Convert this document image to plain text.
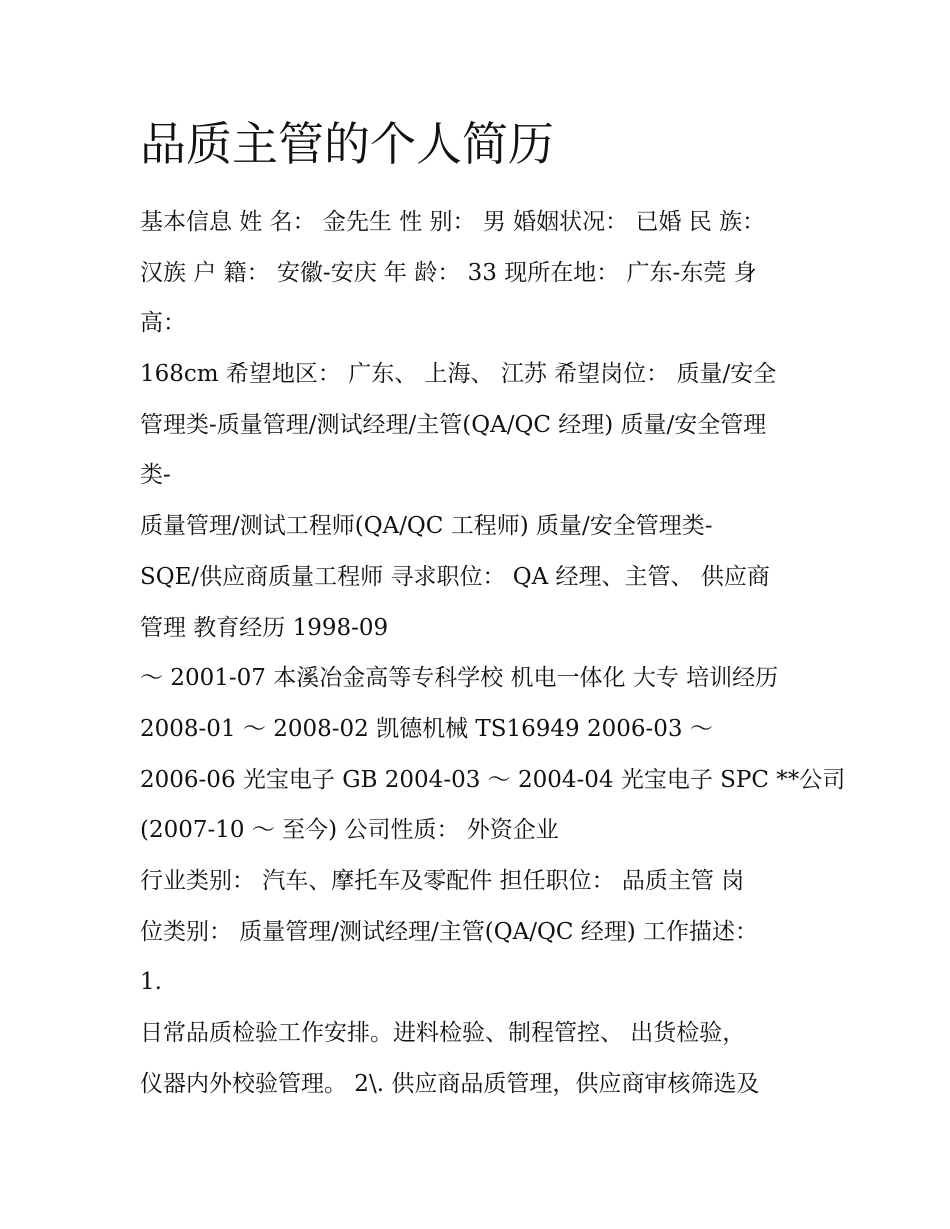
品质主管的个人简历
基本信息 姓 名： 金先生 性 别： 男 婚姻状况： 已婚 民 族：
汉族 户 籍： 安徽-安庆 年 龄： 33 现所在地： 广东-东莞 身
高：
168cm 希望地区： 广东、 上海、 江苏 希望岗位： 质量/安全
管理类-质量管理/测试经理/主管(QA/QC 经理) 质量/安全管理
类-
质量管理/测试工程师(QA/QC 工程师) 质量/安全管理类-
SQE/供应商质量工程师 寻求职位： QA 经理、主管、 供应商
管理 教育经历 1998-09
～ 2001-07 本溪冶金高等专科学校 机电一体化 大专 培训经历
2008-01 ～ 2008-02 凯德机械 TS16949 2006-03 ～
2006-06 光宝电子 GB 2004-03 ～ 2004-04 光宝电子 SPC **公司
(2007-10 ～ 至今) 公司性质： 外资企业
行业类别： 汽车、摩托车及零配件 担任职位： 品质主管 岗
位类别： 质量管理/测试经理/主管(QA/QC 经理) 工作描述：
1.
日常品质检验工作安排。进料检验、制程管控、 出货检验，
仪器内外校验管理。 2\. 供应商品质管理，供应商审核筛选及
